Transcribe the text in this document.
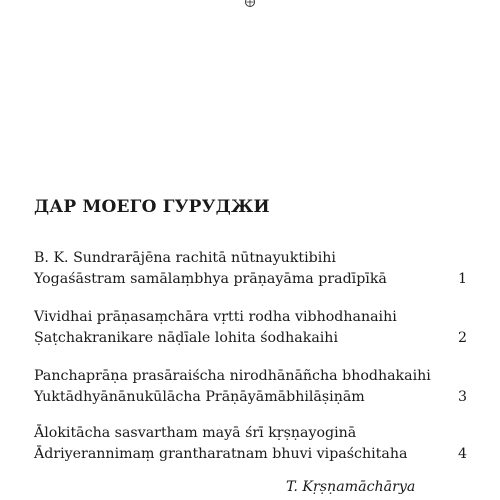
ДАР МОЕГО ГУРУДЖИ
B. K. Sundrarājēna rachitā nūtnayuktibihi
Yogaśāstram samālaṃbhya prāṇayāma pradīpīkā	1
Vividhai prāṇasaṃchāra vṛtti rodha vibhodhanaihi
Ṣaṭchakranikare nāḍīale lohita śodhakaihi	2
Panchaprāṇa prasāraiścha nirodhānāñcha bhodhakaihi
Yuktādhyānānukūlācha Prāṇāyāmābhilāṣiṇām	3
Ālokitācha sasvartham mayā śrī kṛṣṇayoginā
Ādriyerannimaṃ grantharatnam bhuvi vipaśchitaha	4
T. Kṛṣṇamāchārya
